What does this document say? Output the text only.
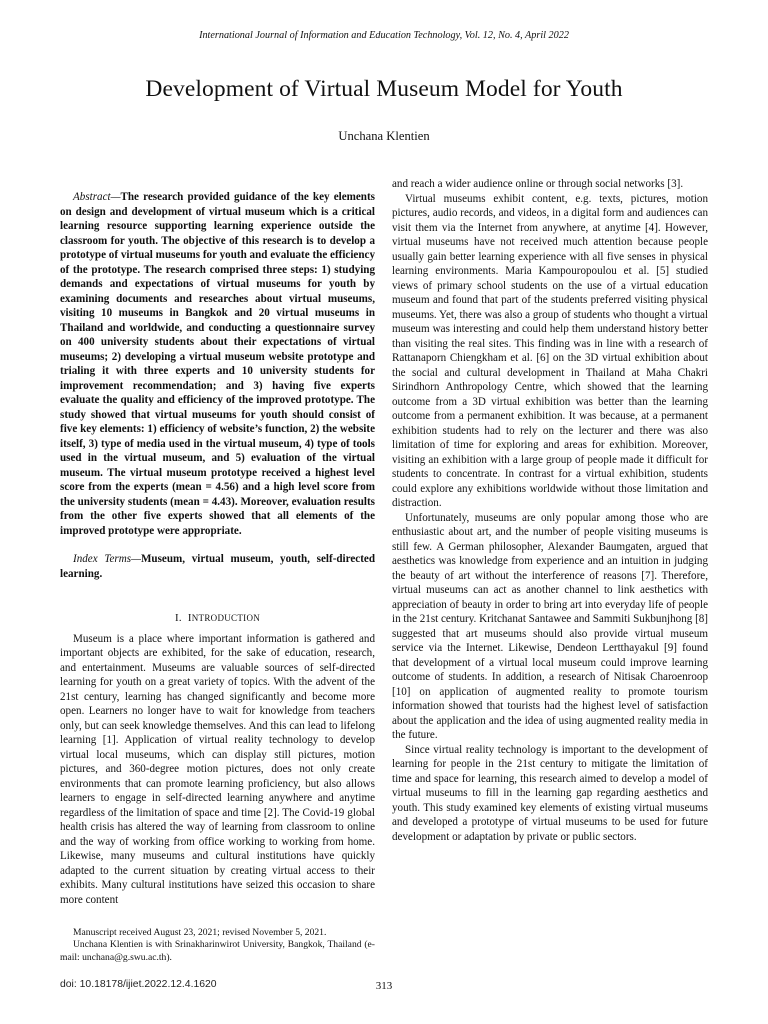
International Journal of Information and Education Technology, Vol. 12, No. 4, April 2022
Development of Virtual Museum Model for Youth
Unchana Klentien

Abstract—The research provided guidance of the key elements on design and development of virtual museum which is a critical learning resource supporting learning experience outside the classroom for youth. The objective of this research is to develop a prototype of virtual museums for youth and evaluate the efficiency of the prototype. The research comprised three steps: 1) studying demands and expectations of virtual museums for youth by examining documents and researches about virtual museums, visiting 10 museums in Bangkok and 20 virtual museums in Thailand and worldwide, and conducting a questionnaire survey on 400 university students about their expectations of virtual museums; 2) developing a virtual museum website prototype and trialing it with three experts and 10 university students for improvement recommendation; and 3) having five experts evaluate the quality and efficiency of the improved prototype. The study showed that virtual museums for youth should consist of five key elements: 1) efficiency of website’s function, 2) the website itself, 3) type of media used in the virtual museum, 4) type of tools used in the virtual museum, and 5) evaluation of the virtual museum. The virtual museum prototype received a highest level score from the experts (mean = 4.56) and a high level score from the university students (mean = 4.43). Moreover, evaluation results from the other five experts showed that all elements of the improved prototype were appropriate.

Index Terms—Museum, virtual museum, youth, self-directed learning.

I. INTRODUCTION

Museum is a place where important information is gathered and important objects are exhibited, for the sake of education, research, and entertainment. Museums are valuable sources of self-directed learning for youth on a great variety of topics. With the advent of the 21st century, learning has changed significantly and become more open. Learners no longer have to wait for knowledge from teachers only, but can seek knowledge themselves. And this can lead to lifelong learning [1]. Application of virtual reality technology to develop virtual local museums, which can display still pictures, motion pictures, and 360-degree motion pictures, does not only create environments that can promote learning proficiency, but also allows learners to engage in self-directed learning anywhere and anytime regardless of the limitation of space and time [2]. The Covid-19 global health crisis has altered the way of learning from classroom to online and the way of working from office working to working from home. Likewise, many museums and cultural institutions have quickly adapted to the current situation by creating virtual access to their exhibits. Many cultural institutions have seized this occasion to share more content

and reach a wider audience online or through social networks [3].

Virtual museums exhibit content, e.g. texts, pictures, motion pictures, audio records, and videos, in a digital form and audiences can visit them via the Internet from anywhere, at anytime [4]. However, virtual museums have not received much attention because people usually gain better learning experience with all five senses in physical learning environments. Maria Kampouropoulou et al. [5] studied views of primary school students on the use of a virtual education museum and found that part of the students preferred visiting physical museums. Yet, there was also a group of students who thought a virtual museum was interesting and could help them understand history better than visiting the real sites. This finding was in line with a research of Rattanaporn Chiengkham et al. [6] on the 3D virtual exhibition about the social and cultural development in Thailand at Maha Chakri Sirindhorn Anthropology Centre, which showed that the learning outcome from a 3D virtual exhibition was better than the learning outcome from a permanent exhibition. It was because, at a permanent exhibition students had to rely on the lecturer and there was also limitation of time for exploring and areas for exhibition. Moreover, visiting an exhibition with a large group of people made it difficult for students to concentrate. In contrast for a virtual exhibition, students could explore any exhibitions worldwide without those limitation and distraction.

Unfortunately, museums are only popular among those who are enthusiastic about art, and the number of people visiting museums is still few. A German philosopher, Alexander Baumgaten, argued that aesthetics was knowledge from experience and an intuition in judging the beauty of art without the interference of reasons [7]. Therefore, virtual museums can act as another channel to link aesthetics with appreciation of beauty in order to bring art into everyday life of people in the 21st century. Kritchanat Santawee and Sammiti Sukbunjhong [8] suggested that art museums should also provide virtual museum service via the Internet. Likewise, Dendeon Lertthayakul [9] found that development of a virtual local museum could improve learning outcome of students. In addition, a research of Nitisak Charoenroop [10] on application of augmented reality to promote tourism information showed that tourists had the highest level of satisfaction about the application and the idea of using augmented reality media in the future.

Since virtual reality technology is important to the development of learning for people in the 21st century to mitigate the limitation of time and space for learning, this research aimed to develop a model of virtual museums to fill in the learning gap regarding aesthetics and youth. This study examined key elements of existing virtual museums and developed a prototype of virtual museums to be used for future development or adaptation by private or public sectors.

Manuscript received August 23, 2021; revised November 5, 2021.

Unchana Klentien is with Srinakharinwirot University, Bangkok, Thailand (e-mail: unchana@g.swu.ac.th).

doi: 10.18178/ijiet.2022.12.4.1620	313
